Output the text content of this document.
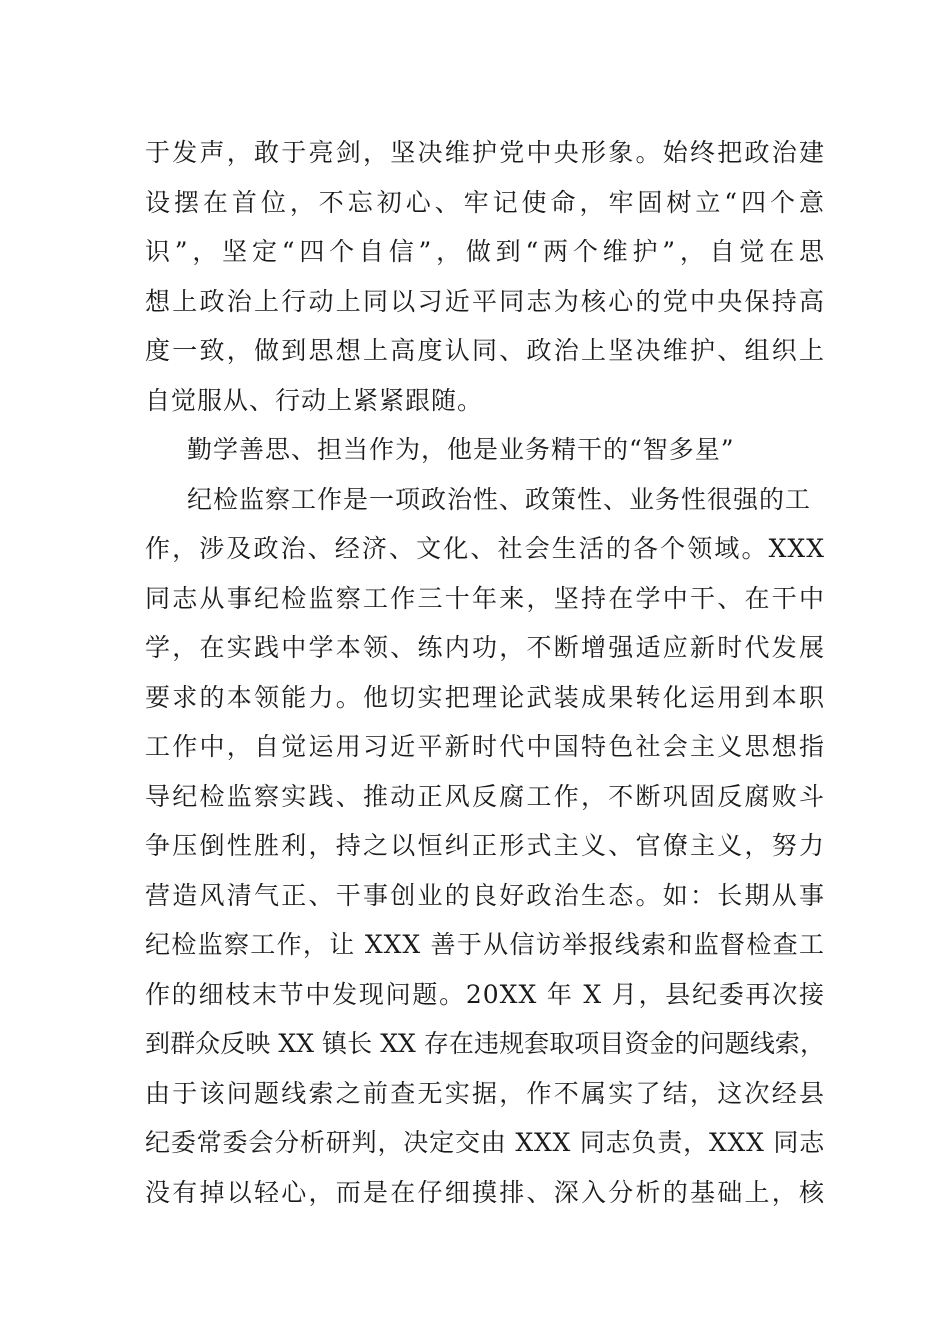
于发声，敢于亮剑，坚决维护党中央形象。始终把政治建
设摆在首位，不忘初心、牢记使命，牢固树立“四个意
识”，坚定“四个自信”，做到“两个维护”，自觉在思
想上政治上行动上同以习近平同志为核心的党中央保持高
度一致，做到思想上高度认同、政治上坚决维护、组织上
自觉服从、行动上紧紧跟随。
勤学善思、担当作为，他是业务精干的“智多星”
纪检监察工作是一项政治性、政策性、业务性很强的工
作，涉及政治、经济、文化、社会生活的各个领域。XXX
同志从事纪检监察工作三十年来，坚持在学中干、在干中
学，在实践中学本领、练内功，不断增强适应新时代发展
要求的本领能力。他切实把理论武装成果转化运用到本职
工作中，自觉运用习近平新时代中国特色社会主义思想指
导纪检监察实践、推动正风反腐工作，不断巩固反腐败斗
争压倒性胜利，持之以恒纠正形式主义、官僚主义，努力
营造风清气正、干事创业的良好政治生态。如：长期从事
纪检监察工作，让 XXX 善于从信访举报线索和监督检查工
作的细枝末节中发现问题。20XX 年 X 月，县纪委再次接
到群众反映 XX 镇长 XX 存在违规套取项目资金的问题线索，
由于该问题线索之前查无实据，作不属实了结，这次经县
纪委常委会分析研判，决定交由 XXX 同志负责，XXX 同志
没有掉以轻心，而是在仔细摸排、深入分析的基础上，核
